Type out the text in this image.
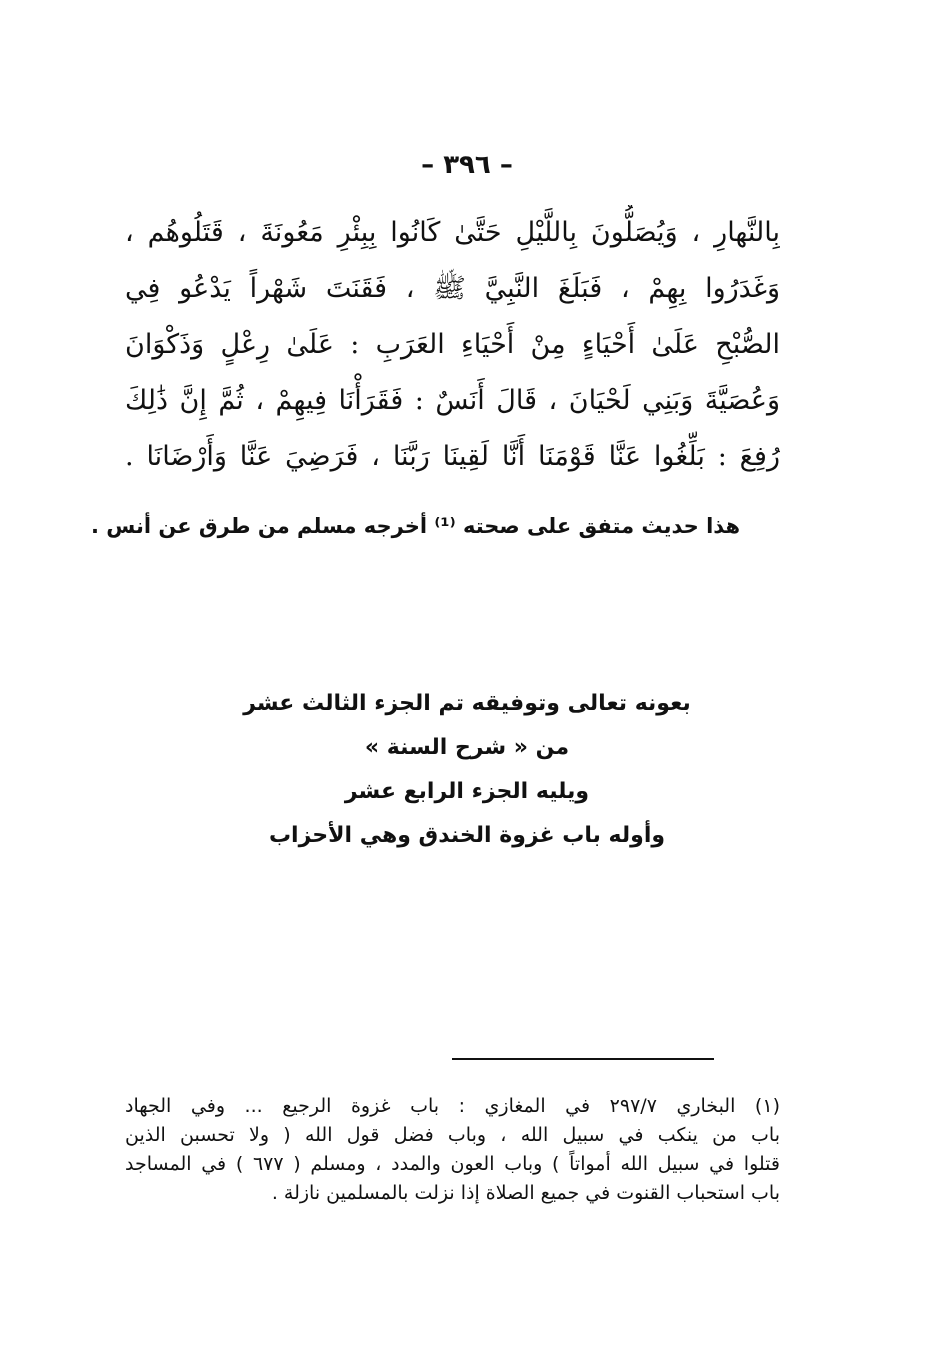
– ٣٩٦ –
بِالنَّهارِ ، وَيُصَلُّونَ بِاللَّيْلِ حَتَّىٰ كَانُوا بِبِئْرِ مَعُونَةَ ، قَتَلُوهُم ،
وَغَدَرُوا بِهِمْ ، فَبَلَغَ النَّبِيَّ ﷺ ، فَقَنَتَ شَهْراً يَدْعُو فِي
الصُّبْحِ عَلَىٰ أَحْيَاءٍ مِنْ أَحْيَاءِ العَرَبِ : عَلَىٰ رِعْلٍ وَذَكْوَانَ
وَعُصَيَّةَ وَبَنِي لَحْيَانَ ، قَالَ أَنَسٌ : فَقَرَأْنَا فِيهِمْ ، ثُمَّ إِنَّ ذَٰلِكَ
رُفِعَ : بَلِّغُوا عَنَّا قَوْمَنَا أَنَّا لَقِينَا رَبَّنَا ، فَرَضِيَ عَنَّا وَأَرْضَانَا .
هذا حديث متفق على صحته ⁽¹⁾ أخرجه مسلم من طرق عن أنس .
بعونه تعالى وتوفيقه تم الجزء الثالث عشر
من « شرح السنة »
ويليه الجزء الرابع عشر
وأوله باب غزوة الخندق وهي الأحزاب
(١) البخاري ٢٩٧/٧ في المغازي : باب غزوة الرجيع ... وفي الجهاد
باب من ينكب في سبيل الله ، وباب فضل قول الله ( ولا تحسبن الذين
قتلوا في سبيل الله أمواتاً ) وباب العون والمدد ، ومسلم ( ٦٧٧ ) في المساجد
باب استحباب القنوت في جميع الصلاة إذا نزلت بالمسلمين نازلة .
